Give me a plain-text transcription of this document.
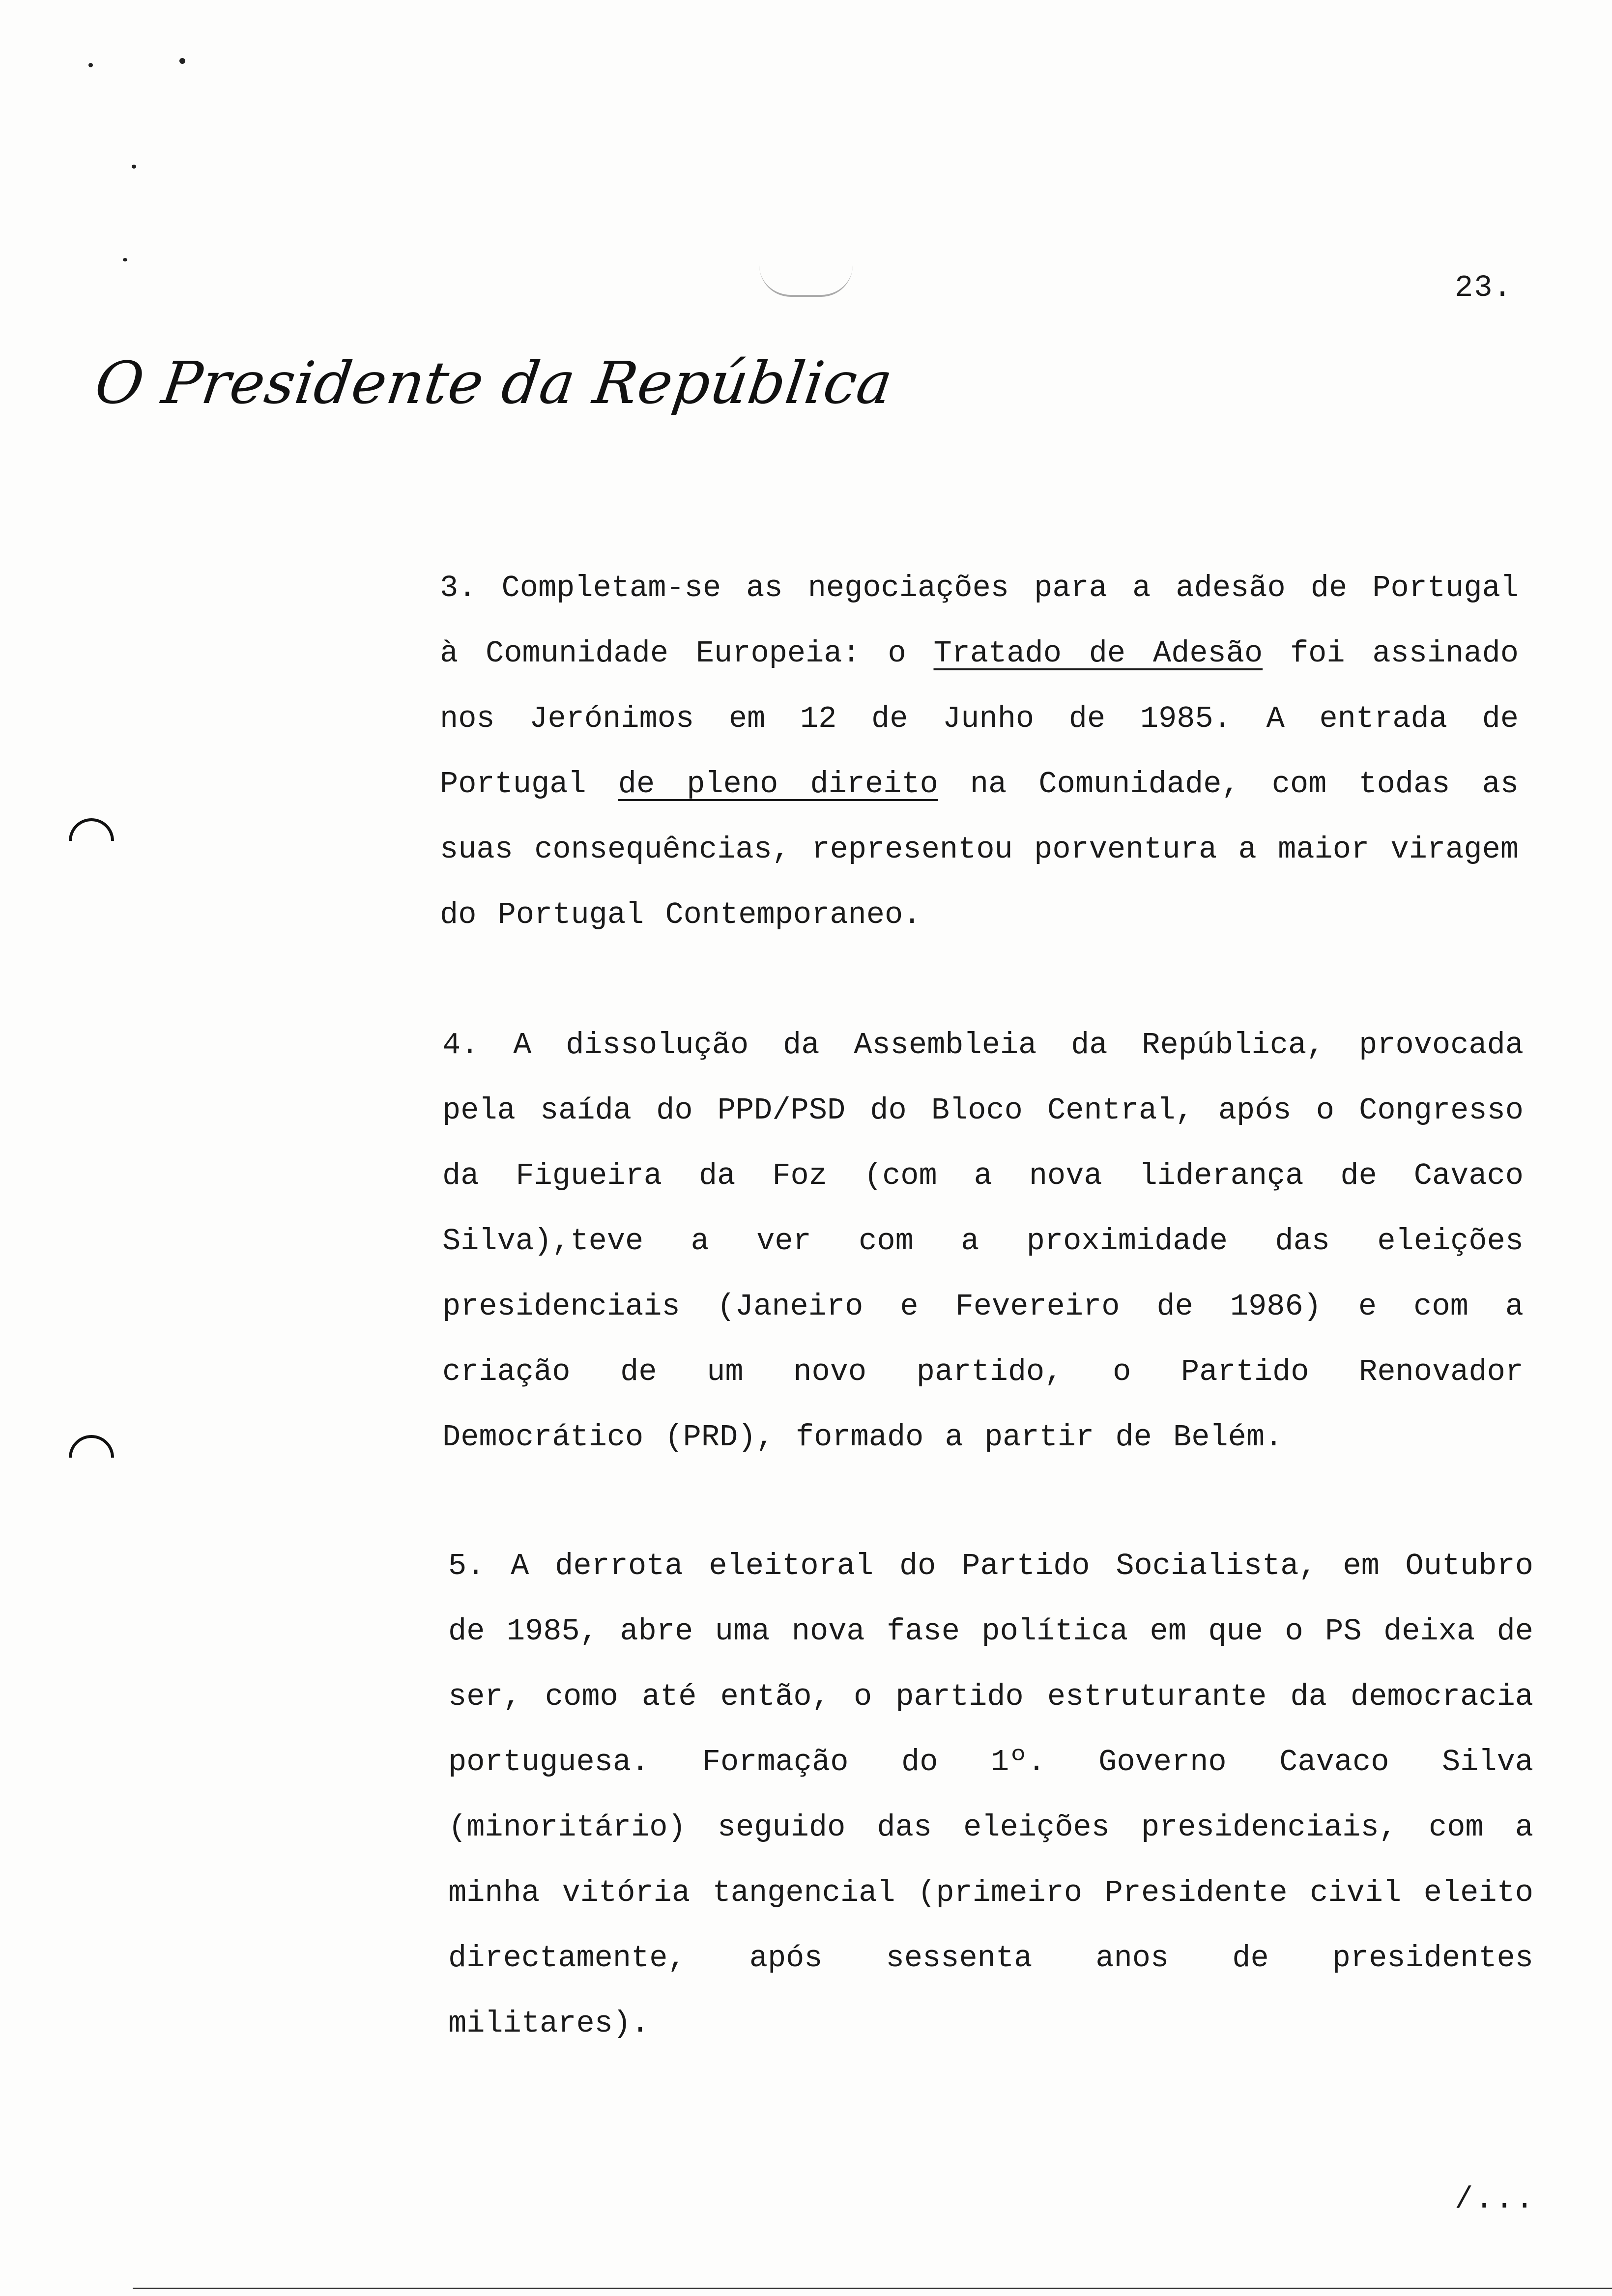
23.
O Presidente da República
3. Completam-se as negociações para a adesão de Portugal à Comunidade Europeia: o Tratado de Adesão foi assinado nos Jerónimos em 12 de Junho de 1985. A entrada de Portugal de pleno direito na Comunidade, com todas as suas consequências, representou porventura a maior viragem do Portugal Contemporaneo.
4. A dissolução da Assembleia da República, provocada pela saída do PPD/PSD do Bloco Central, após o Congresso da Figueira da Foz (com a nova liderança de Cavaco Silva),teve a ver com a proximidade das eleições presidenciais (Janeiro e Fevereiro de 1986) e com a criação de um novo partido, o Partido Renovador Democrático (PRD), formado a partir de Belém.
5. A derrota eleitoral do Partido Socialista, em Outubro de 1985, abre uma nova fase política em que o PS deixa de ser, como até então, o partido estruturante da democracia portuguesa. Formação do 1º. Governo Cavaco Silva (minoritário) seguido das eleições presidenciais, com a minha vitória tangencial (primeiro Presidente civil eleito directamente, após sessenta anos de presidentes militares).
/...
